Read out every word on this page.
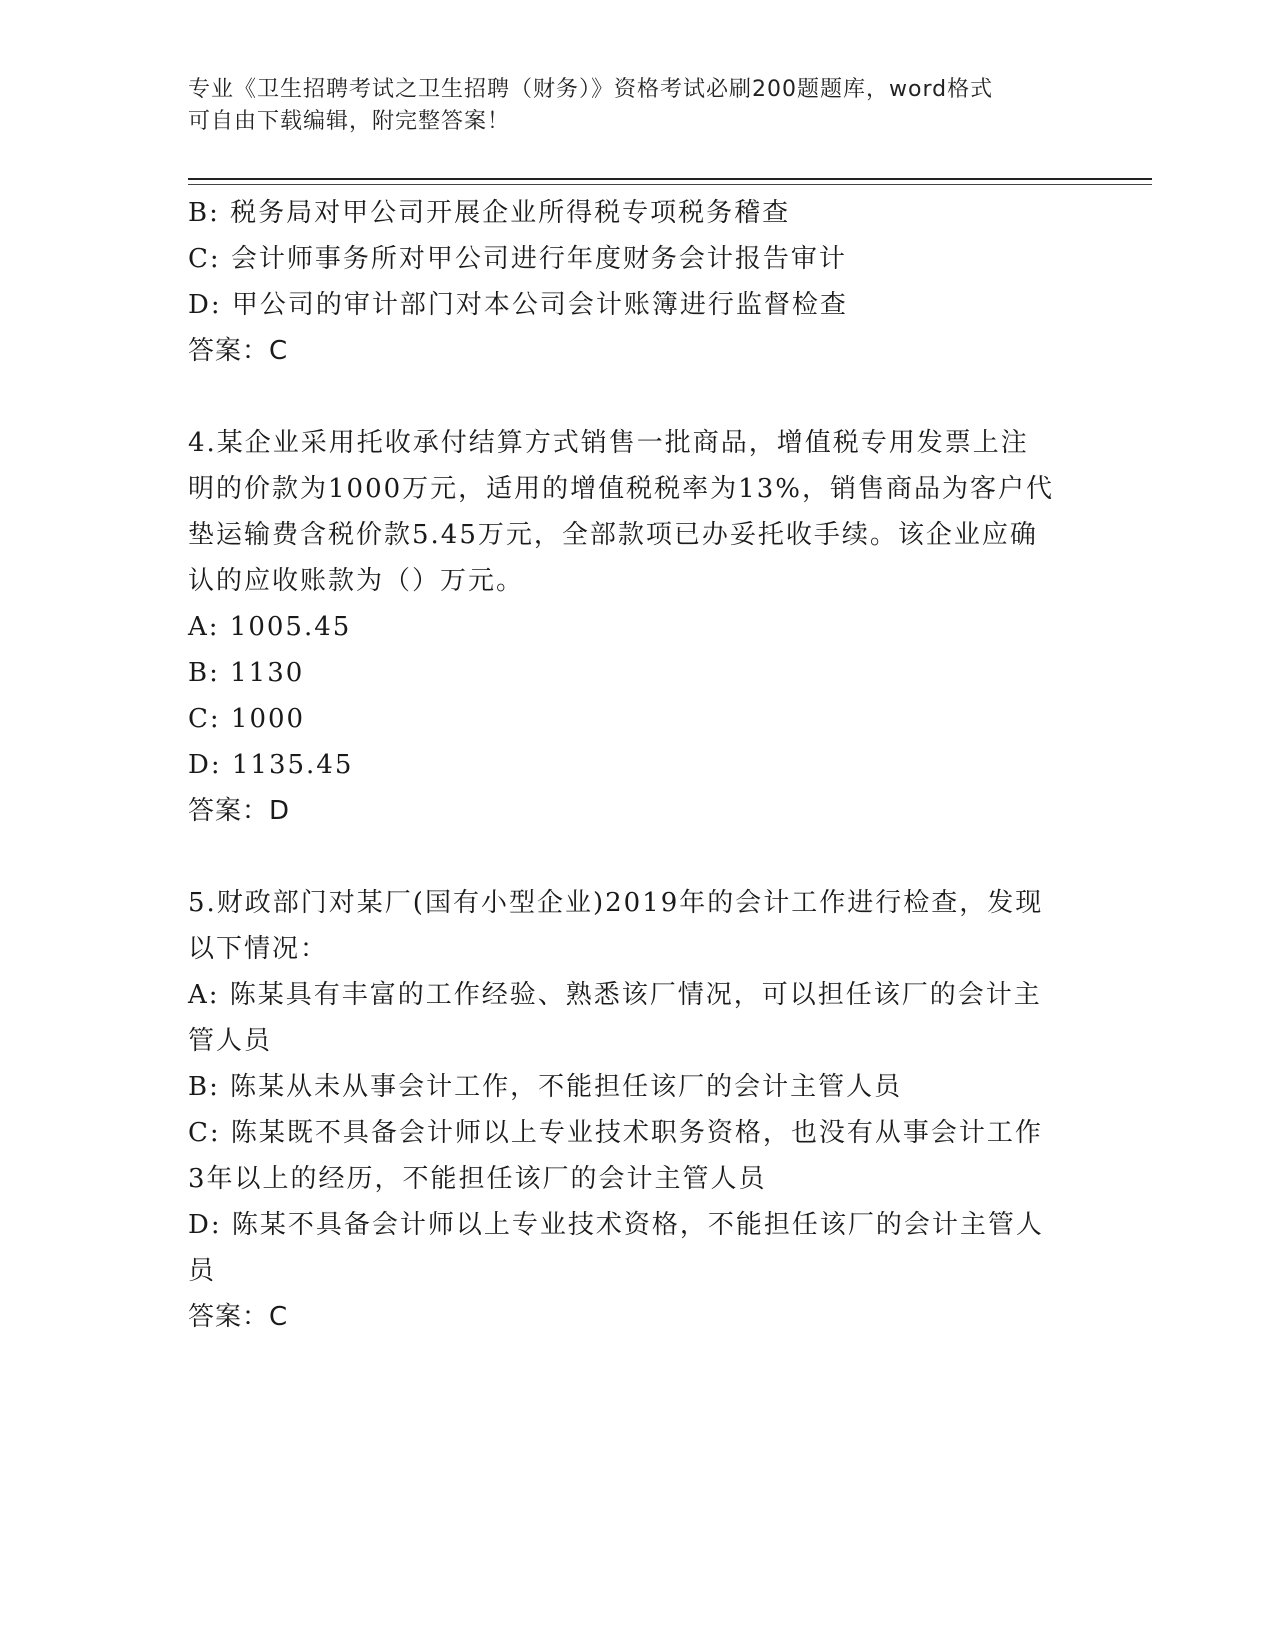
专业《卫生招聘考试之卫生招聘（财务）》资格考试必刷200题题库，word格式
可自由下载编辑，附完整答案！
B: 税务局对甲公司开展企业所得税专项税务稽查
C: 会计师事务所对甲公司进行年度财务会计报告审计
D: 甲公司的审计部门对本公司会计账簿进行监督检查
答案：C
4.某企业采用托收承付结算方式销售一批商品，增值税专用发票上注
明的价款为1000万元，适用的增值税税率为13%，销售商品为客户代
垫运输费含税价款5.45万元，全部款项已办妥托收手续。该企业应确
认的应收账款为（）万元。
A: 1005.45
B: 1130
C: 1000
D: 1135.45
答案：D
5.财政部门对某厂(国有小型企业)2019年的会计工作进行检查，发现
以下情况：
A: 陈某具有丰富的工作经验、熟悉该厂情况，可以担任该厂的会计主
管人员
B: 陈某从未从事会计工作，不能担任该厂的会计主管人员
C: 陈某既不具备会计师以上专业技术职务资格，也没有从事会计工作
3年以上的经历，不能担任该厂的会计主管人员
D: 陈某不具备会计师以上专业技术资格，不能担任该厂的会计主管人
员
答案：C
